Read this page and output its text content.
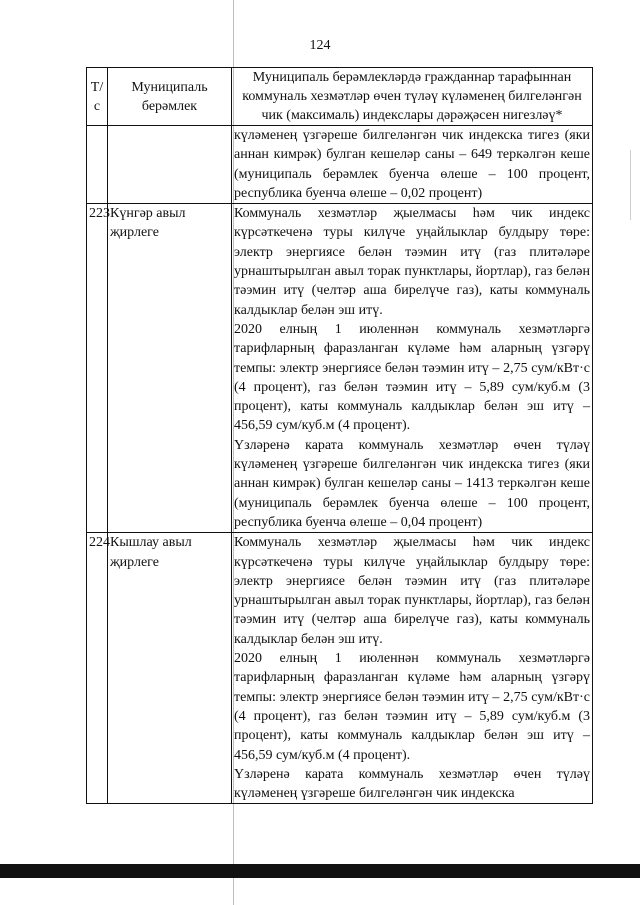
124
Т/с	Муниципаль берәмлек	Муниципаль берәмлекләрдә гражданнар тарафыннан коммуналь хезмәтләр өчен түләү күләменең билгеләнгән чик (максималь) индекслары дәрәҗәсен нигезләү*

		күләменең үзгәреше билгеләнгән чик индекска тигез (яки аннан кимрәк) булган кешеләр саны – 649 теркәлгән кеше (муниципаль берәмлек буенча өлеше – 100 процент, республика буенча өлеше – 0,02 процент)

223	Күнгәр авыл җирлеге	Коммуналь хезмәтләр җыелмасы һәм чик индекс күрсәткеченә туры килүче уңайлыклар булдыру төре: электр энергиясе белән тәэмин итү (газ плитәләре урнаштырылган авыл торак пунктлары, йортлар), газ белән тәэмин итү (челтәр аша бирелүче газ), каты коммуналь калдыклар белән эш итү.

2020 елның 1 июленнән коммуналь хезмәтләргә тарифларның фаразланган күләме һәм аларның үзгәрү темпы: электр энергиясе белән тәэмин итү – 2,75 сум/кВт·с (4 процент), газ белән тәэмин итү – 5,89 сум/куб.м (3 процент), каты коммуналь калдыклар белән эш итү – 456,59 сум/куб.м (4 процент).

Үзләренә карата коммуналь хезмәтләр өчен түләү күләменең үзгәреше билгеләнгән чик индекска тигез (яки аннан кимрәк) булган кешеләр саны – 1413 теркәлгән кеше (муниципаль берәмлек буенча өлеше – 100 процент, республика буенча өлеше – 0,04 процент)

224	Кышлау авыл җирлеге	Коммуналь хезмәтләр җыелмасы һәм чик индекс күрсәткеченә туры килүче уңайлыклар булдыру төре: электр энергиясе белән тәэмин итү (газ плитәләре урнаштырылган авыл торак пунктлары, йортлар), газ белән тәэмин итү (челтәр аша бирелүче газ), каты коммуналь калдыклар белән эш итү.

2020 елның 1 июленнән коммуналь хезмәтләргә тарифларның фаразланган күләме һәм аларның үзгәрү темпы: электр энергиясе белән тәэмин итү – 2,75 сум/кВт·с (4 процент), газ белән тәэмин итү – 5,89 сум/куб.м (3 процент), каты коммуналь калдыклар белән эш итү – 456,59 сум/куб.м (4 процент).

Үзләренә карата коммуналь хезмәтләр өчен түләү күләменең үзгәреше билгеләнгән чик индекска
